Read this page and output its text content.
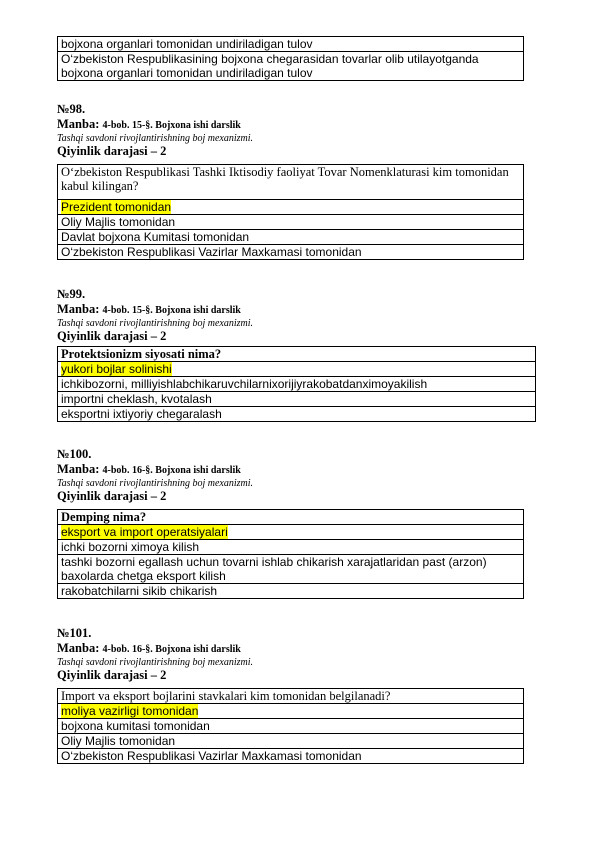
bojxona organlari tomonidan undiriladigan tulov
O‘zbekiston Respublikasining bojxona chegarasidan tovarlar olib utilayotganda bojxona organlari tomonidan undiriladigan tulov
№98.
Manba: 4-bob. 15-§. Bojxona ishi darslik
Tashqi savdoni rivojlantirishning boj mexanizmi.
Qiyinlik darajasi – 2
O‘zbekiston Respublikasi Tashki Iktisodiy faoliyat Tovar Nomenklaturasi kim tomonidan kabul kilingan?
Prezident tomonidan
Oliy Majlis tomonidan
Davlat bojxona Kumitasi tomonidan
O‘zbekiston Respublikasi Vazirlar Maxkamasi tomonidan
№99.
Manba: 4-bob. 15-§. Bojxona ishi darslik
Tashqi savdoni rivojlantirishning boj mexanizmi.
Qiyinlik darajasi – 2
Protektsionizm siyosati nima?
yukori bojlar solinishi
ichkibozorni, milliyishlabchikaruvchilarnixorijiyrakobatdanximoyakilish
importni cheklash, kvotalash
eksportni ixtiyoriy chegaralash
№100.
Manba: 4-bob. 16-§. Bojxona ishi darslik
Tashqi savdoni rivojlantirishning boj mexanizmi.
Qiyinlik darajasi – 2
Demping nima?
eksport va import operatsiyalari
ichki bozorni ximoya kilish
tashki bozorni egallash uchun tovarni ishlab chikarish xarajatlaridan past (arzon) baxolarda chetga eksport kilish
rakobatchilarni sikib chikarish
№101.
Manba: 4-bob. 16-§. Bojxona ishi darslik
Tashqi savdoni rivojlantirishning boj mexanizmi.
Qiyinlik darajasi – 2
Import va eksport bojlarini stavkalari kim tomonidan belgilanadi?
moliya vazirligi tomonidan
bojxona kumitasi tomonidan
Oliy Majlis tomonidan
O‘zbekiston Respublikasi Vazirlar Maxkamasi tomonidan
